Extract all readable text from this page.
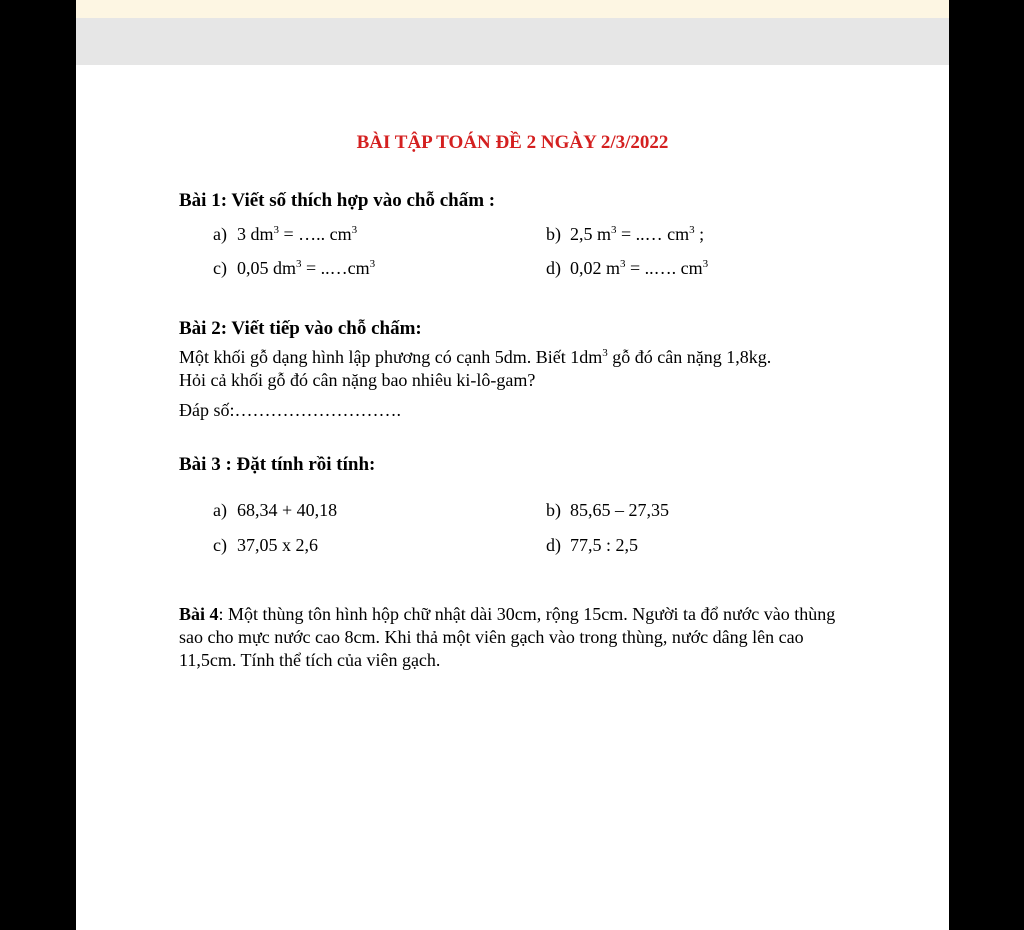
BÀI TẬP TOÁN ĐỀ 2 NGÀY 2/3/2022
Bài 1: Viết số thích hợp vào chỗ chấm :
a) 3 $dm^3$ = ….. $cm^3$	b) 2,5 $m^3$ = ..… $cm^3$ ;
c) 0,05 $dm^3$ = $..\dots cm^3$	d) 0,02 $m^3$ = ..…. $cm^3$
Bài 2: Viết tiếp vào chỗ chấm:
Một khối gỗ dạng hình lập phương có cạnh 5dm. Biết $1dm^3$ gỗ đó cân nặng 1,8kg.
Hỏi cả khối gỗ đó cân nặng bao nhiêu ki-lô-gam?
Đáp số:……………………….
Bài 3 : Đặt tính rồi tính:
a) 68,34 + 40,18	b) 85,65 – 27,35
c) 37,05 x 2,6	d) 77,5 : 2,5
Bài 4: Một thùng tôn hình hộp chữ nhật dài 30cm, rộng 15cm. Người ta đổ nước vào thùng sao cho mực nước cao 8cm. Khi thả một viên gạch vào trong thùng, nước dâng lên cao 11,5cm. Tính thể tích của viên gạch.
